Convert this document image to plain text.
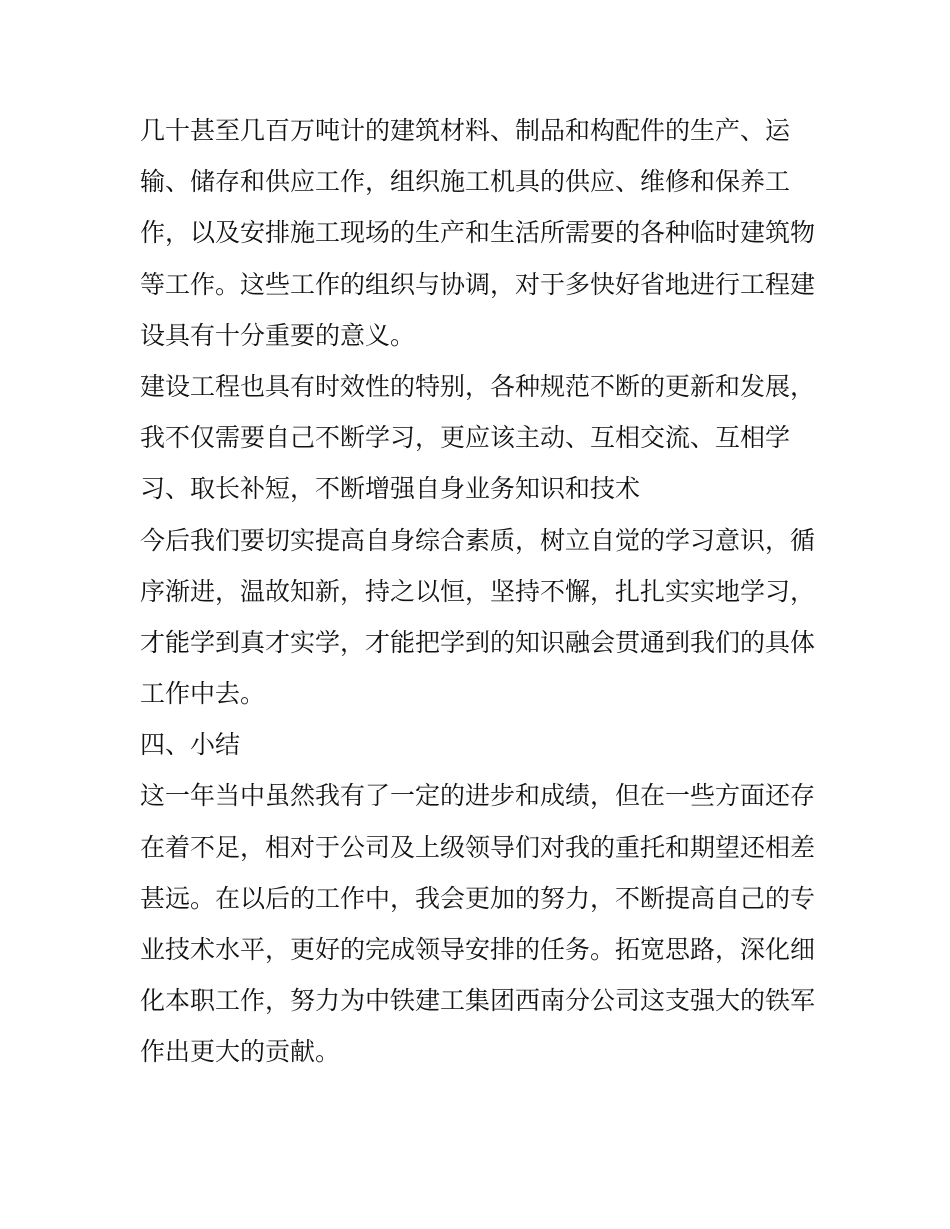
几十甚至几百万吨计的建筑材料、制品和构配件的生产、运
输、储存和供应工作，组织施工机具的供应、维修和保养工
作，以及安排施工现场的生产和生活所需要的各种临时建筑物
等工作。这些工作的组织与协调，对于多快好省地进行工程建
设具有十分重要的意义。
建设工程也具有时效性的特别，各种规范不断的更新和发展，
我不仅需要自己不断学习，更应该主动、互相交流、互相学
习、取长补短，不断增强自身业务知识和技术
今后我们要切实提高自身综合素质，树立自觉的学习意识，循
序渐进，温故知新，持之以恒，坚持不懈，扎扎实实地学习，
才能学到真才实学，才能把学到的知识融会贯通到我们的具体
工作中去。
四、小结
这一年当中虽然我有了一定的进步和成绩，但在一些方面还存
在着不足，相对于公司及上级领导们对我的重托和期望还相差
甚远。在以后的工作中，我会更加的努力，不断提高自己的专
业技术水平，更好的完成领导安排的任务。拓宽思路，深化细
化本职工作，努力为中铁建工集团西南分公司这支强大的铁军
作出更大的贡献。
